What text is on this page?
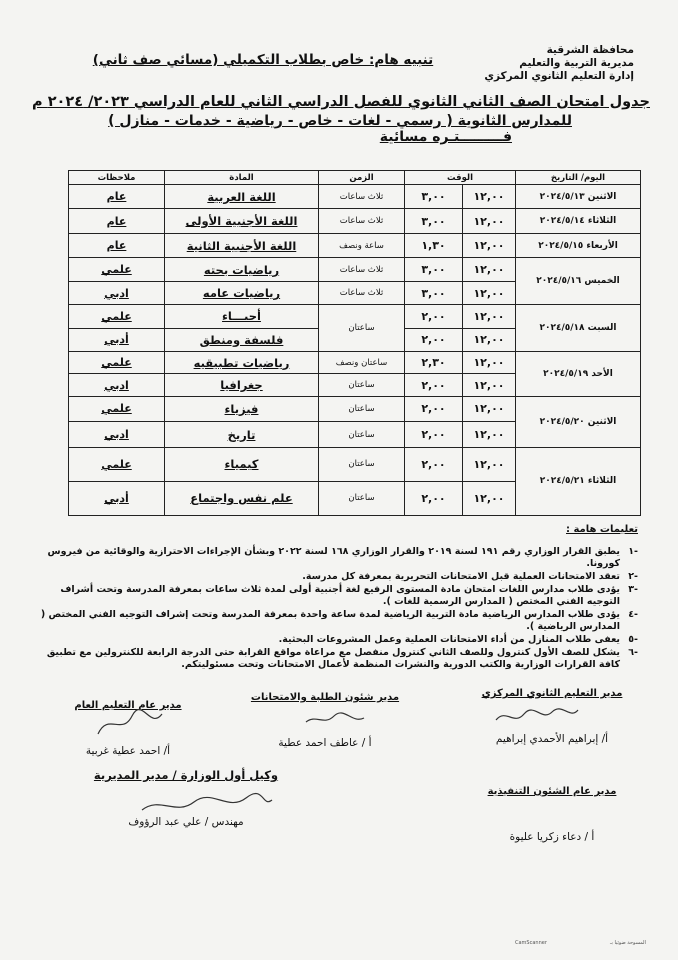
محافظة الشرقية
مديرية التربية والتعليم
إدارة التعليم الثانوي المركزي
تنبيه هام: خاص بطلاب التكميلي (مسائي صف ثاني)
جدول امتحان الصف الثاني الثانوي للفصل الدراسي الثاني للعام الدراسي ٢٠٢٣/ ٢٠٢٤ م
للمدارس الثانوية ( رسمي - لغات - خاص - رياضية - خدمات - منازل )
فـــــــــتـره مسائية
اليوم/ التاريخ	الوقت		الزمن	المادة	ملاحظات
الاثنين ٢٠٢٤/٥/١٣	١٢,٠٠	٣,٠٠	ثلاث ساعات	اللغة العربية	عام
الثلاثاء ٢٠٢٤/٥/١٤	١٢,٠٠	٣,٠٠	ثلاث ساعات	اللغة الأجنبية الأولى	عام
الأربعاء ٢٠٢٤/٥/١٥	١٢,٠٠	١,٣٠	ساعة ونصف	اللغة الأجنبية الثانية	عام
الخميس ٢٠٢٤/٥/١٦	١٢,٠٠	٣,٠٠	ثلاث ساعات	رياضيات بحته	علمي
	١٢,٠٠	٣,٠٠	ثلاث ساعات	رياضيات عامه	ادبي
السبت ٢٠٢٤/٥/١٨	١٢,٠٠	٢,٠٠	ساعتان	أحيـــاء	علمي
	١٢,٠٠	٢,٠٠		فلسفة ومنطق	أدبي
الأحد ٢٠٢٤/٥/١٩	١٢,٠٠	٢,٣٠	ساعتان ونصف	رياضيات تطبيقيه	علمي
	١٢,٠٠	٢,٠٠	ساعتان	جغرافيا	ادبي
الاثنين ٢٠٢٤/٥/٢٠	١٢,٠٠	٢,٠٠	ساعتان	فيزياء	علمي
	١٢,٠٠	٢,٠٠	ساعتان	تاريخ	ادبي
الثلاثاء ٢٠٢٤/٥/٢١	١٢,٠٠	٢,٠٠	ساعتان	كيمياء	علمي
	١٢,٠٠	٢,٠٠	ساعتان	علم نفس واجتماع	أدبي
تعليمات هامة :
-١
يطبق القرار الوزاري رقم ١٩١ لسنة ٢٠١٩ والقرار الوزاري ١٦٨ لسنة ٢٠٢٢ وبشأن الإجراءات الاحترازية والوقائية من فيروس كورونا.
-٢
تعقد الامتحانات العملية قبل الامتحانات التحريرية بمعرفة كل مدرسة.
-٣
يؤدى طلاب مدارس اللغات امتحان مادة المستوى الرفيع لغة أجنبية أولى لمدة ثلاث ساعات بمعرفة المدرسة وتحت أشراف التوجيه الفني المختص ( المدارس الرسمية للغات ).
-٤
يؤدى طلاب المدارس الرياضية مادة التربية الرياضية لمدة ساعة واحدة بمعرفة المدرسة وتحت إشراف التوجيه الفني المختص ( المدارس الرياضية ).
-٥
يعفى طلاب المنازل من أداء الامتحانات العملية وعمل المشروعات البحثية.
-٦
يشكل للصف الأول كنترول وللصف الثاني كنترول منفصل مع مراعاة مواقع القرابة حتى الدرجة الرابعة للكنترولين مع تطبيق كافة القرارات الوزارية والكتب الدورية والنشرات المنظمة لأعمال الامتحانات وتحت مسئوليتكم.
مدير التعليم الثانوي المركزي
أ/ إبراهيم الأحمدي إبراهيم
مدير شئون الطلبة والامتحانات
أ / عاطف احمد عطية
مدير عام التعليم العام
أ/ احمد عطية غربية
مدير عام الشئون التنفيذية
أ / دعاء زكريا عليوة
وكيل أول الوزارة / مدير المديرية
مهندس / علي عبد الرؤوف
CamScanner	المسوحة ضوئيا بـ
